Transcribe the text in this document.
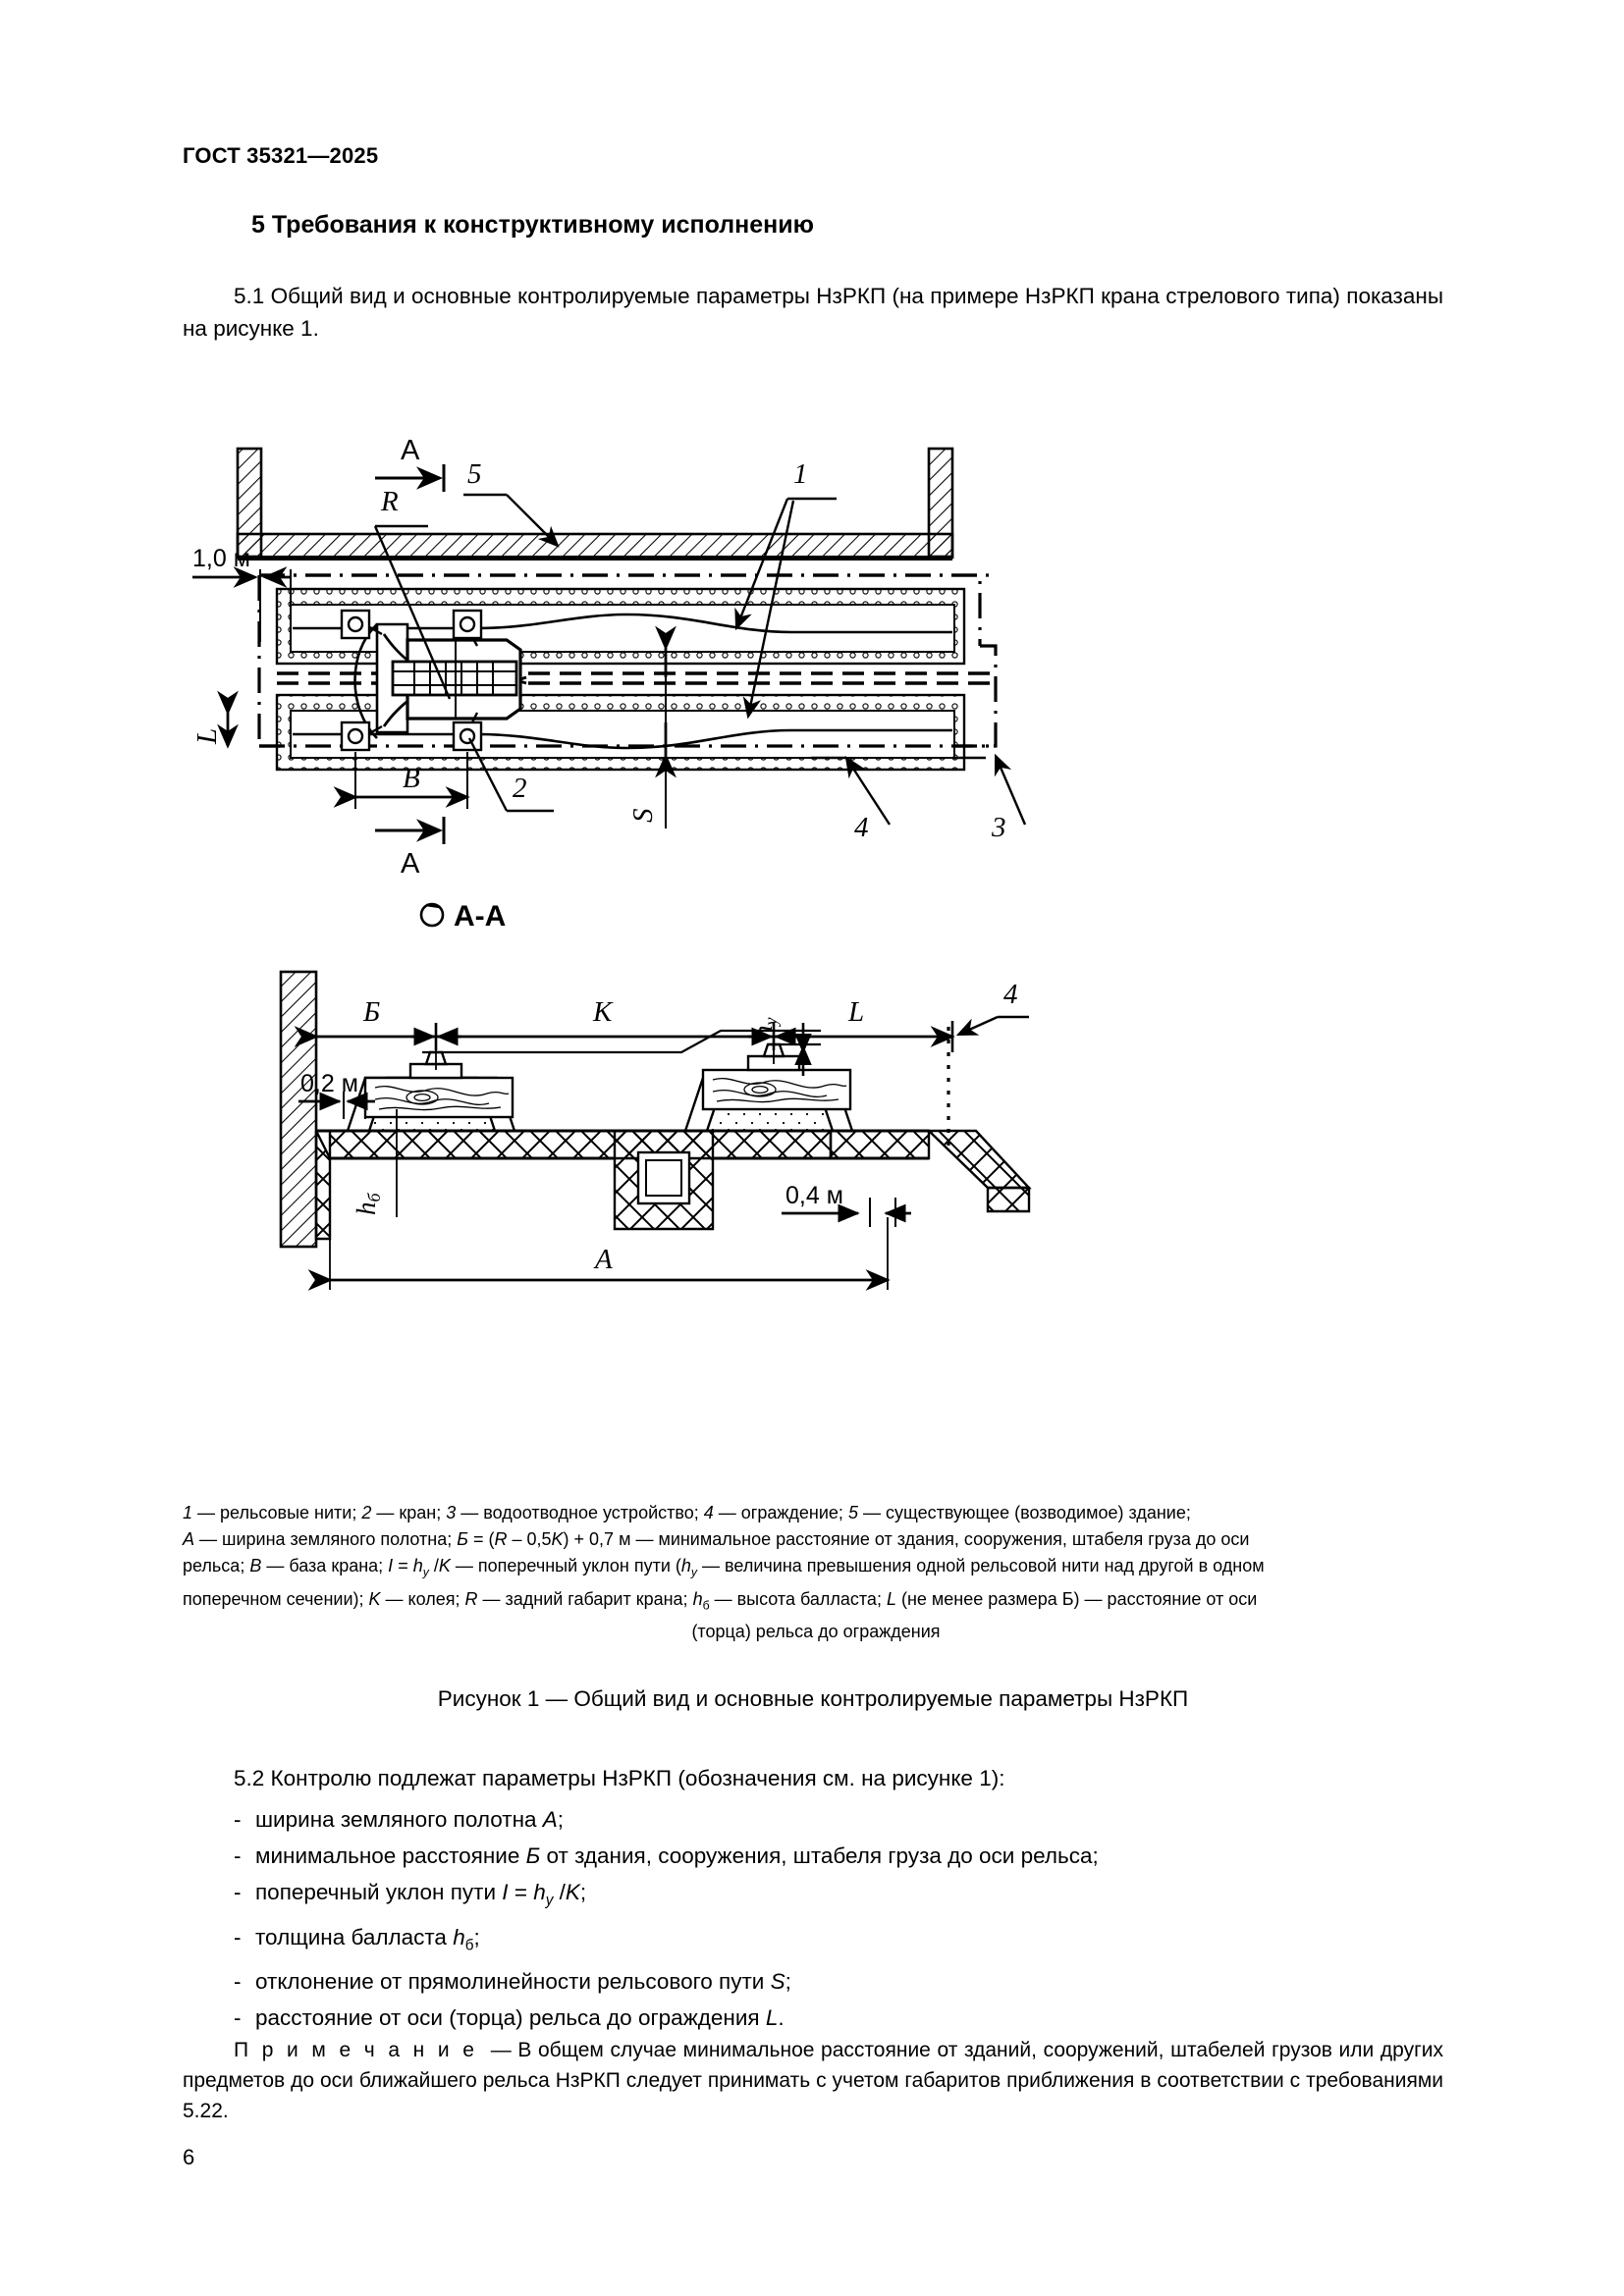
ГОСТ 35321—2025
5 Требования к конструктивному исполнению

5.1 Общий вид и основные контролируемые параметры НзРКП (на примере НзРКП крана стрелового типа) показаны на рисунке 1.

A
A
1,0 м
R
5	1
2
4	3
B
L
S
A-A
4
Б	K	L
0,2 м
0,4 м
hу
hб
A
1 — рельсовые нити; 2 — кран; 3 — водоотводное устройство; 4 — ограждение; 5 — существующее (возводимое) здание;
A — ширина земляного полотна; Б = (R – 0,5K) + 0,7 м — минимальное расстояние от здания, сооружения, штабеля груза до оси
рельса; B — база крана; $I = h_y$ /K — поперечный уклон пути ($h_y$ — величина превышения одной рельсовой нити над другой в одном
поперечном сечении); K — колея; R — задний габарит крана; $h_б$ — высота балласта; L (не менее размера Б) — расстояние от оси
(торца) рельса до ограждения
Рисунок 1 — Общий вид и основные контролируемые параметры НзРКП

5.2 Контролю подлежат параметры НзРКП (обозначения см. на рисунке 1):

- ширина земляного полотна A;
- минимальное расстояние Б от здания, сооружения, штабеля груза до оси рельса;
- поперечный уклон пути $I = h_y$ /K;
- толщина балласта $h_б$;
- отклонение от прямолинейности рельсового пути S;
- расстояние от оси (торца) рельса до ограждения L.
П р и м е ч а н и е — В общем случае минимальное расстояние от зданий, сооружений, штабелей грузов или других предметов до оси ближайшего рельса НзРКП следует принимать с учетом габаритов приближения в соответствии с требованиями 5.22.
6
